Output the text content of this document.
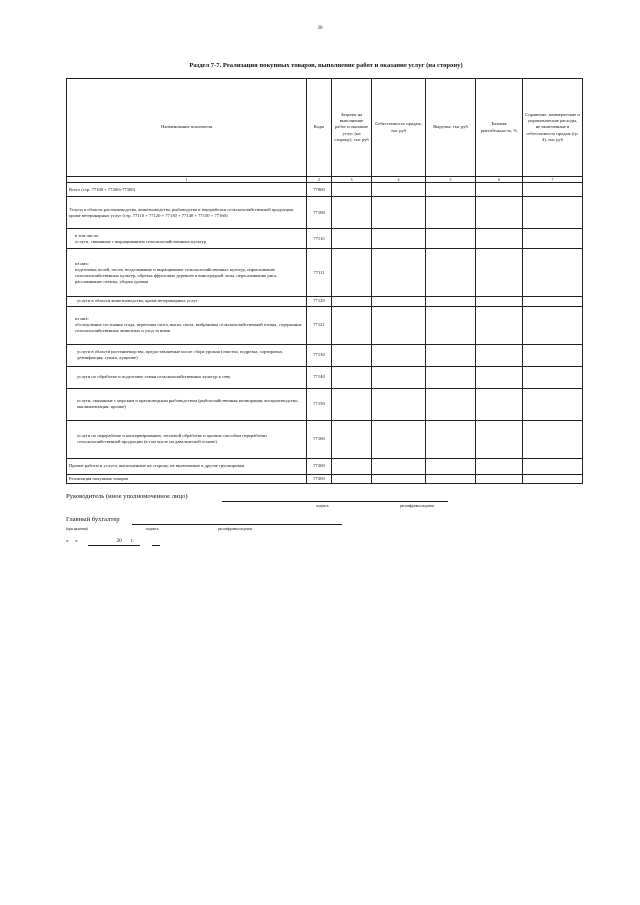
30
Раздел 7-7. Реализация покупных товаров, выполнение работ и оказание услуг (на сторону)
Наименование показателя	Коды	Затраты на выполнение работ и оказание услуг (на сторону), тыс руб	Себестоимость продаж, тыс руб	Выручка, тыс руб	Базовая рентабельность, %	Справочно: коммерческие и управленческие расходы, не включенные в себестоимость продаж (гр. 4), тыс руб
1	2	3	4	5	6	7
Всего (стр. 77100 + 77200+77300)	77000					
Услуги в области растениеводства, животноводства, рыбоводства и переработки сельскохозяйственной продукции, кроме ветеринарных услуг (стр. 77110 + 77120 + 77130 + 77140 + 77150 + 77160)	77100					

в том числе:
услуги, связанные с выращиванием сельскохозяйственных культур	77110					

из них:
подготовка полей, посев, возделывание и выращивание сельскохозяйственных культур, опрыскивание сельскохозяйственных культур, обрезка фруктовых деревьев и виноградной лозы, пересаживание риса, рассаживание свеклы, уборка урожая	77111					
услуги в области животноводства, кроме ветеринарных услуг	77120					

из них:
обследование состояния стада, перегонка скота, выпас скота, выбраковка сельскохозяйственной птицы, содержание сельскохозяйственных животных и уход за ними	77121					
услуги в области растениеводства, предоставляемые после сбора урожая (очистка, подрезка, сортировка, дезинфекция, сушка, лущение)	77130					
услуги по обработке и подготовке семян сельскохозяйственных культур к севу	77140					
услуги, связанные с морским и пресноводным рыбоводством (рыбохозяйственная мелиорация, воспроизводство, акклиматизация, прочие)	77150					
услуги по переработке и консервированию, тепловой обработке и прочим способам переработки сельскохозяйственной продукции (в том числе на давальческой основе)	77160					
Прочие работы и услуги, выполненные на сторону, не включенные в другие группировки	77200					
Реализация покупных товаров	77300					
Руководитель (иное уполномоченное лицо)
подпись	расшифровка подписи
Главный бухгалтер
(при наличии)	подпись	расшифровка подписи
«     »                              20       г.
